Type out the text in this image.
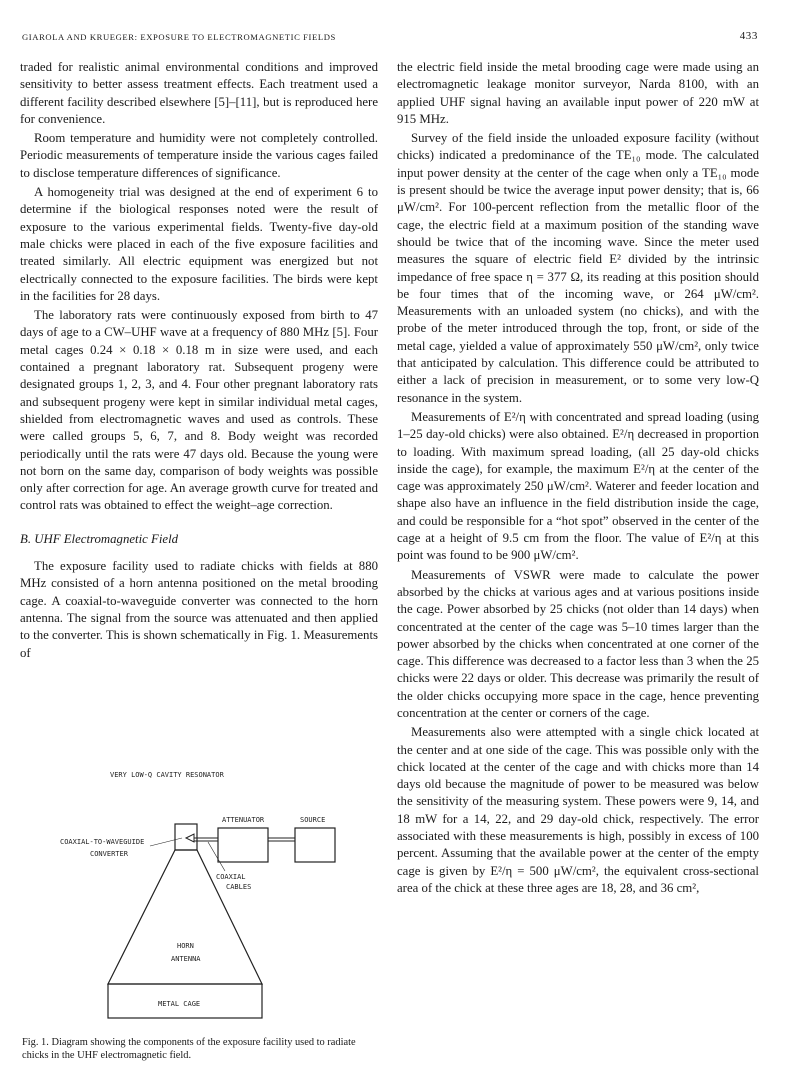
GIAROLA AND KRUEGER: EXPOSURE TO ELECTROMAGNETIC FIELDS	433

traded for realistic animal environmental conditions and improved sensitivity to better assess treatment effects. Each treatment used a different facility described elsewhere [5]–[11], but is reproduced here for convenience.

Room temperature and humidity were not completely controlled. Periodic measurements of temperature inside the various cages failed to disclose temperature differences of significance.

A homogeneity trial was designed at the end of experiment 6 to determine if the biological responses noted were the result of exposure to the various experimental fields. Twenty-five day-old male chicks were placed in each of the five exposure facilities and treated similarly. All electric equipment was energized but not electrically connected to the exposure facilities. The birds were kept in the facilities for 28 days.

The laboratory rats were continuously exposed from birth to 47 days of age to a CW–UHF wave at a frequency of 880 MHz [5]. Four metal cages 0.24 × 0.18 × 0.18 m in size were used, and each contained a pregnant laboratory rat. Subsequent progeny were designated groups 1, 2, 3, and 4. Four other pregnant laboratory rats and subsequent progeny were kept in similar individual metal cages, shielded from electromagnetic waves and used as controls. These were called groups 5, 6, 7, and 8. Body weight was recorded periodically until the rats were 47 days old. Because the young were not born on the same day, comparison of body weights was possible only after correction for age. An average growth curve for treated and control rats was obtained to effect the weight–age correction.

B. UHF Electromagnetic Field

The exposure facility used to radiate chicks with fields at 880 MHz consisted of a horn antenna positioned on the metal brooding cage. A coaxial-to-waveguide converter was connected to the horn antenna. The signal from the source was attenuated and then applied to the converter. This is shown schematically in Fig. 1. Measurements of

the electric field inside the metal brooding cage were made using an electromagnetic leakage monitor surveyor, Narda 8100, with an applied UHF signal having an available input power of 220 mW at 915 MHz.

Survey of the field inside the unloaded exposure facility (without chicks) indicated a predominance of the TE₁₀ mode. The calculated input power density at the center of the cage when only a TE₁₀ mode is present should be twice the average input power density; that is, 66 μW/cm². For 100-percent reflection from the metallic floor of the cage, the electric field at a maximum position of the standing wave should be twice that of the incoming wave. Since the meter used measures the square of electric field E² divided by the intrinsic impedance of free space η = 377 Ω, its reading at this position should be four times that of the incoming wave, or 264 μW/cm². Measurements with an unloaded system (no chicks), and with the probe of the meter introduced through the top, front, or side of the metal cage, yielded a value of approximately 550 μW/cm², only twice that anticipated by calculation. This difference could be attributed to either a lack of precision in measurement, or to some very low-Q resonance in the system.

Measurements of E²/η with concentrated and spread loading (using 1–25 day-old chicks) were also obtained. E²/η decreased in proportion to loading. With maximum spread loading, (all 25 day-old chicks inside the cage), for example, the maximum E²/η at the center of the cage was approximately 250 μW/cm². Waterer and feeder location and shape also have an influence in the field distribution inside the cage, and could be responsible for a “hot spot” observed in the center of the cage at a height of 9.5 cm from the floor. The value of E²/η at this point was found to be 900 μW/cm².

Measurements of VSWR were made to calculate the power absorbed by the chicks at various ages and at various positions inside the cage. Power absorbed by 25 chicks (not older than 14 days) when concentrated at the center of the cage was 5–10 times larger than the power absorbed by the chicks when concentrated at one corner of the cage. This difference was decreased to a factor less than 3 when the 25 chicks were 22 days or older. This decrease was primarily the result of the older chicks occupying more space in the cage, hence preventing concentration at the center or corners of the cage.

Measurements also were attempted with a single chick located at the center and at one side of the cage. This was possible only with the chick located at the center of the cage and with chicks more than 14 days old because the magnitude of power to be measured was below the sensitivity of the measuring system. These powers were 9, 14, and 18 mW for a 14, 22, and 29 day-old chick, respectively. The error associated with these measurements is high, possibly in excess of 100 percent. Assuming that the available power at the center of the empty cage is given by E²/η = 500 μW/cm², the equivalent cross-sectional area of the chick at these three ages are 18, 28, and 36 cm²,

VERY LOW-Q CAVITY RESONATOR
ATTENUATOR	SOURCE
COAXIAL-TO-WAVEGUIDE
CONVERTER
COAXIAL
CABLES
HORN
ANTENNA
METAL CAGE
Fig. 1. Diagram showing the components of the exposure facility used to radiate chicks in the UHF electromagnetic field.
